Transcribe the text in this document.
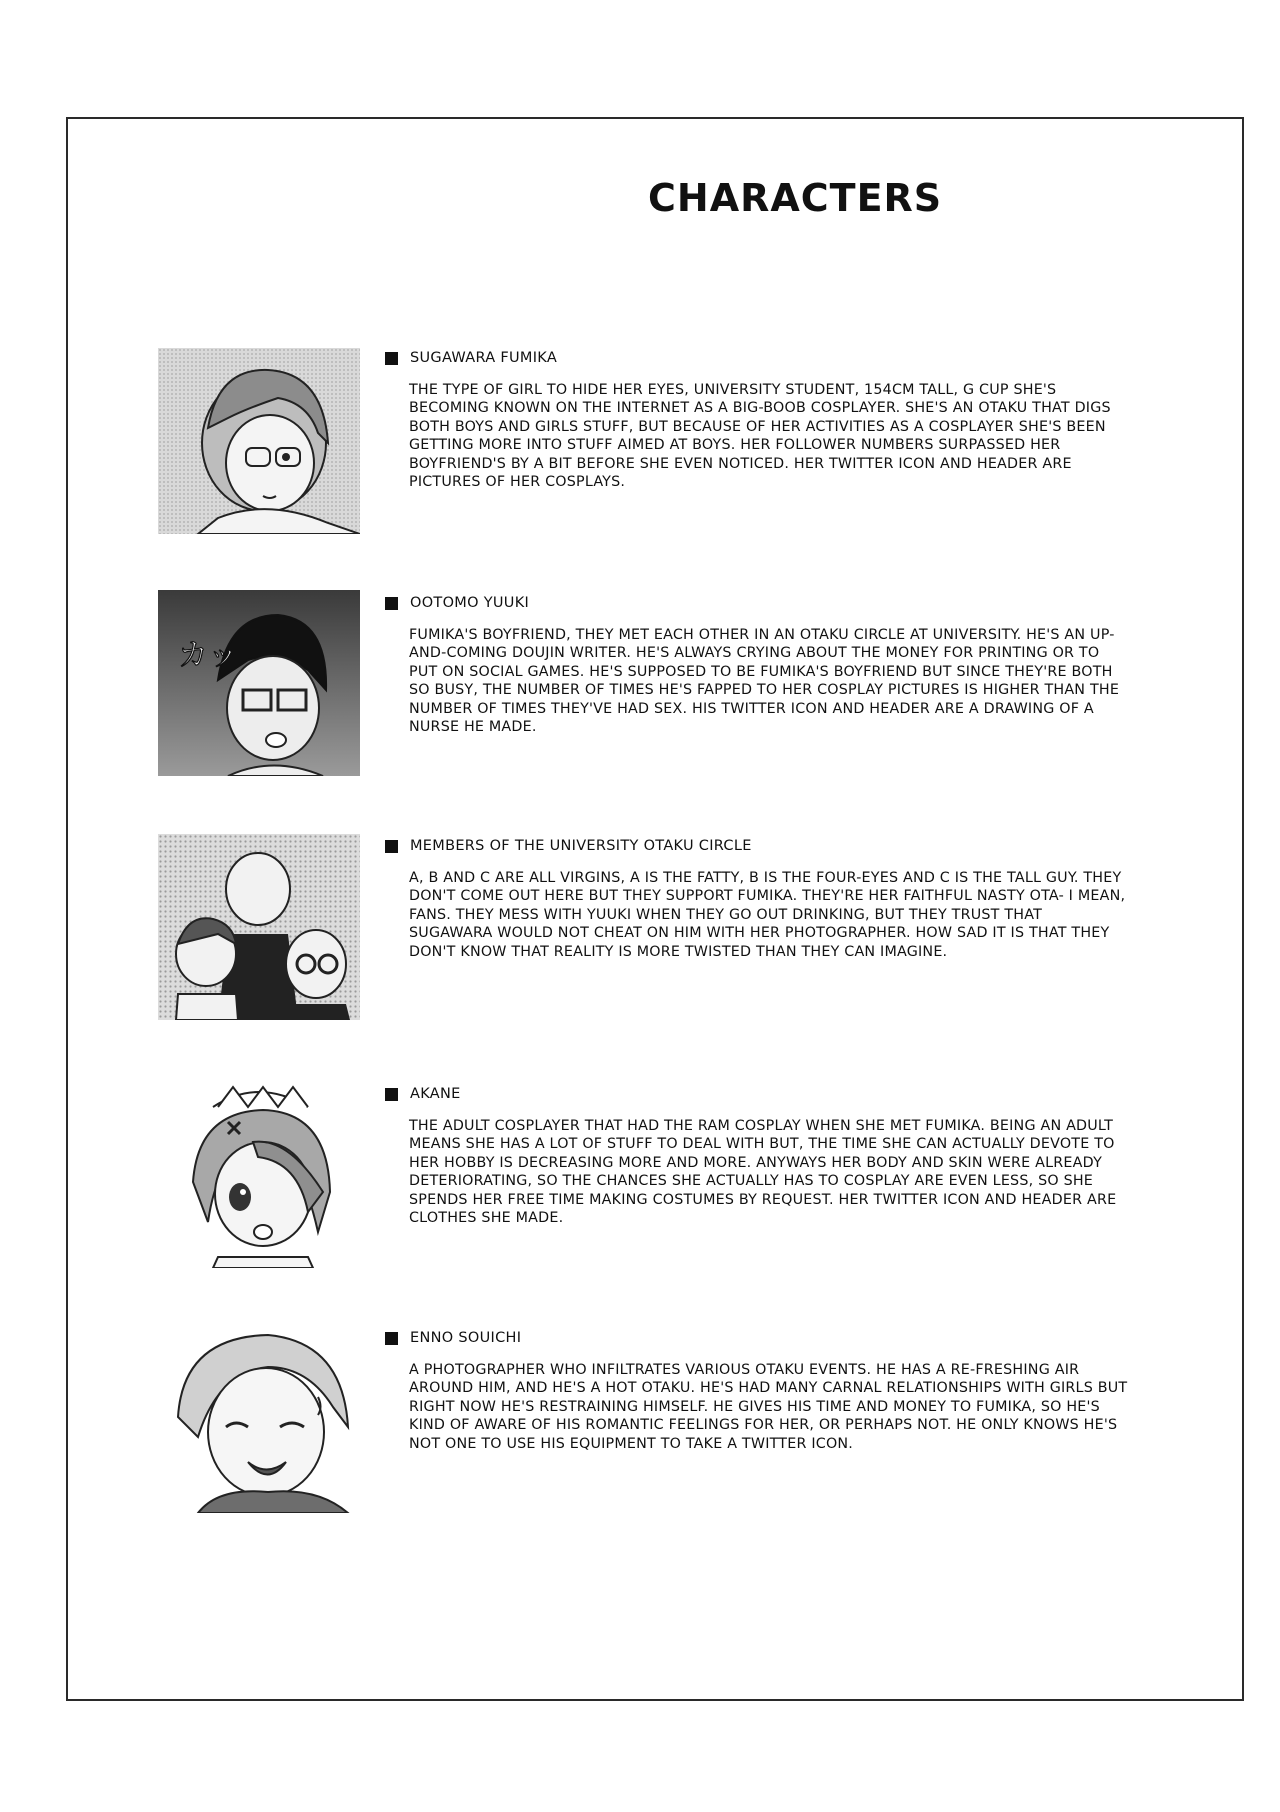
CHARACTERS
SUGAWARA FUMIKA

THE TYPE OF GIRL TO HIDE HER EYES, UNIVERSITY STUDENT, 154CM TALL, G CUP SHE'S BECOMING KNOWN ON THE INTERNET AS A BIG-BOOB COSPLAYER. SHE'S AN OTAKU THAT DIGS BOTH BOYS AND GIRLS STUFF, BUT BECAUSE OF HER ACTIVITIES AS A COSPLAYER SHE'S BEEN GETTING MORE INTO STUFF AIMED AT BOYS. HER FOLLOWER NUMBERS SURPASSED HER BOYFRIEND'S BY A BIT BEFORE SHE EVEN NOTICED. HER TWITTER ICON AND HEADER ARE PICTURES OF HER COSPLAYS.

カッ
OOTOMO YUUKI

FUMIKA'S BOYFRIEND, THEY MET EACH OTHER IN AN OTAKU CIRCLE AT UNIVERSITY. HE'S AN UP-AND-COMING DOUJIN WRITER. HE'S ALWAYS CRYING ABOUT THE MONEY FOR PRINTING OR TO PUT ON SOCIAL GAMES. HE'S SUPPOSED TO BE FUMIKA'S BOYFRIEND BUT SINCE THEY'RE BOTH SO BUSY, THE NUMBER OF TIMES HE'S FAPPED TO HER COSPLAY PICTURES IS HIGHER THAN THE NUMBER OF TIMES THEY'VE HAD SEX. HIS TWITTER ICON AND HEADER ARE A DRAWING OF A NURSE HE MADE.

MEMBERS OF THE UNIVERSITY OTAKU CIRCLE

A, B AND C ARE ALL VIRGINS, A IS THE FATTY, B IS THE FOUR-EYES AND C IS THE TALL GUY. THEY DON'T COME OUT HERE BUT THEY SUPPORT FUMIKA. THEY'RE HER FAITHFUL NASTY OTA- I MEAN, FANS. THEY MESS WITH YUUKI WHEN THEY GO OUT DRINKING, BUT THEY TRUST THAT SUGAWARA WOULD NOT CHEAT ON HIM WITH HER PHOTOGRAPHER. HOW SAD IT IS THAT THEY DON'T KNOW THAT REALITY IS MORE TWISTED THAN THEY CAN IMAGINE.

AKANE

THE ADULT COSPLAYER THAT HAD THE RAM COSPLAY WHEN SHE MET FUMIKA. BEING AN ADULT MEANS SHE HAS A LOT OF STUFF TO DEAL WITH BUT, THE TIME SHE CAN ACTUALLY DEVOTE TO HER HOBBY IS DECREASING MORE AND MORE. ANYWAYS HER BODY AND SKIN WERE ALREADY DETERIORATING, SO THE CHANCES SHE ACTUALLY HAS TO COSPLAY ARE EVEN LESS, SO SHE SPENDS HER FREE TIME MAKING COSTUMES BY REQUEST. HER TWITTER ICON AND HEADER ARE CLOTHES SHE MADE.

ENNO SOUICHI

A PHOTOGRAPHER WHO INFILTRATES VARIOUS OTAKU EVENTS. HE HAS A RE-FRESHING AIR AROUND HIM, AND HE'S A HOT OTAKU. HE'S HAD MANY CARNAL RELATIONSHIPS WITH GIRLS BUT RIGHT NOW HE'S RESTRAINING HIMSELF. HE GIVES HIS TIME AND MONEY TO FUMIKA, SO HE'S KIND OF AWARE OF HIS ROMANTIC FEELINGS FOR HER, OR PERHAPS NOT. HE ONLY KNOWS HE'S NOT ONE TO USE HIS EQUIPMENT TO TAKE A TWITTER ICON.
